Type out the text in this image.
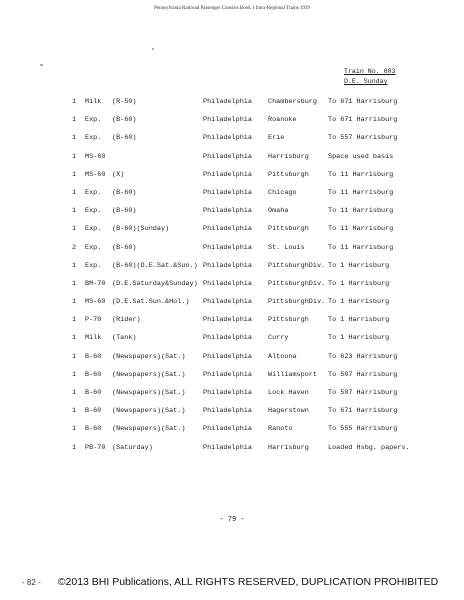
Pennsylvania Railroad Passenger Consists Book 1 Intra-Regional Trains 1939
Train No. 603
D.E. Sunday
1 Milk (R-50)	Philadelphia Chambersburg To 671 Harrisburg
1 Exp. (B-60)	Philadelphia Roanoke	To 671 Harrisburg
1 Exp. (B-60)	Philadelphia Erie	To 557 Harrisburg
1 MS-60	Philadelphia Harrisburg	Space used basis
1 MS-60 (X)	Philadelphia Pittsburgh	To 11 Harrisburg
1 Exp. (B-60)	Philadelphia Chicago	To 11 Harrisburg
1 Exp. (B-60)	Philadelphia Omaha	To 11 Harrisburg
1 Exp. (B-60)(Sunday)	Philadelphia Pittsburgh	To 11 Harrisburg
2 Exp. (B-60)	Philadelphia St. Louis	To 11 Harrisburg
1 Exp. (B-60)(D.E.Sat.&Sun.) Philadelphia PittsburghDiv. To 1 Harrisburg
1 BM-70 (D.E.Saturday&Sunday) Philadelphia PittsburghDiv. To 1 Harrisburg
1 MS-60 (D.E.Sat.Sun.&Hol.) Philadelphia PittsburghDiv. To 1 Harrisburg
1 P-70 (Rider)	Philadelphia Pittsburgh	To 1 Harrisburg
1 Milk (Tank)	Philadelphia Curry	To 1 Harrisburg
1 B-60 (Newspapers)(Sat.)	Philadelphia Altoona	To 623 Harrisburg
1 B-60 (Newspapers)(Sat.)	Philadelphia Williamsport To 507 Harrisburg
1 B-60 (Newspapers)(Sat.)	Philadelphia Lock Haven	To 507 Harrisburg
1 B-60 (Newspapers)(Sat.)	Philadelphia Hagerstown	To 671 Harrisburg
1 B-60 (Newspapers)(Sat.)	Philadelphia Ranoto	To 555 Harrisburg
1 PB-70 (Saturday)	Philadelphia Harrisburg	Loaded Hsbg. papers.
- 79 -
- 82 -	©2013 BHI Publications, ALL RIGHTS RESERVED, DUPLICATION PROHIBITED
